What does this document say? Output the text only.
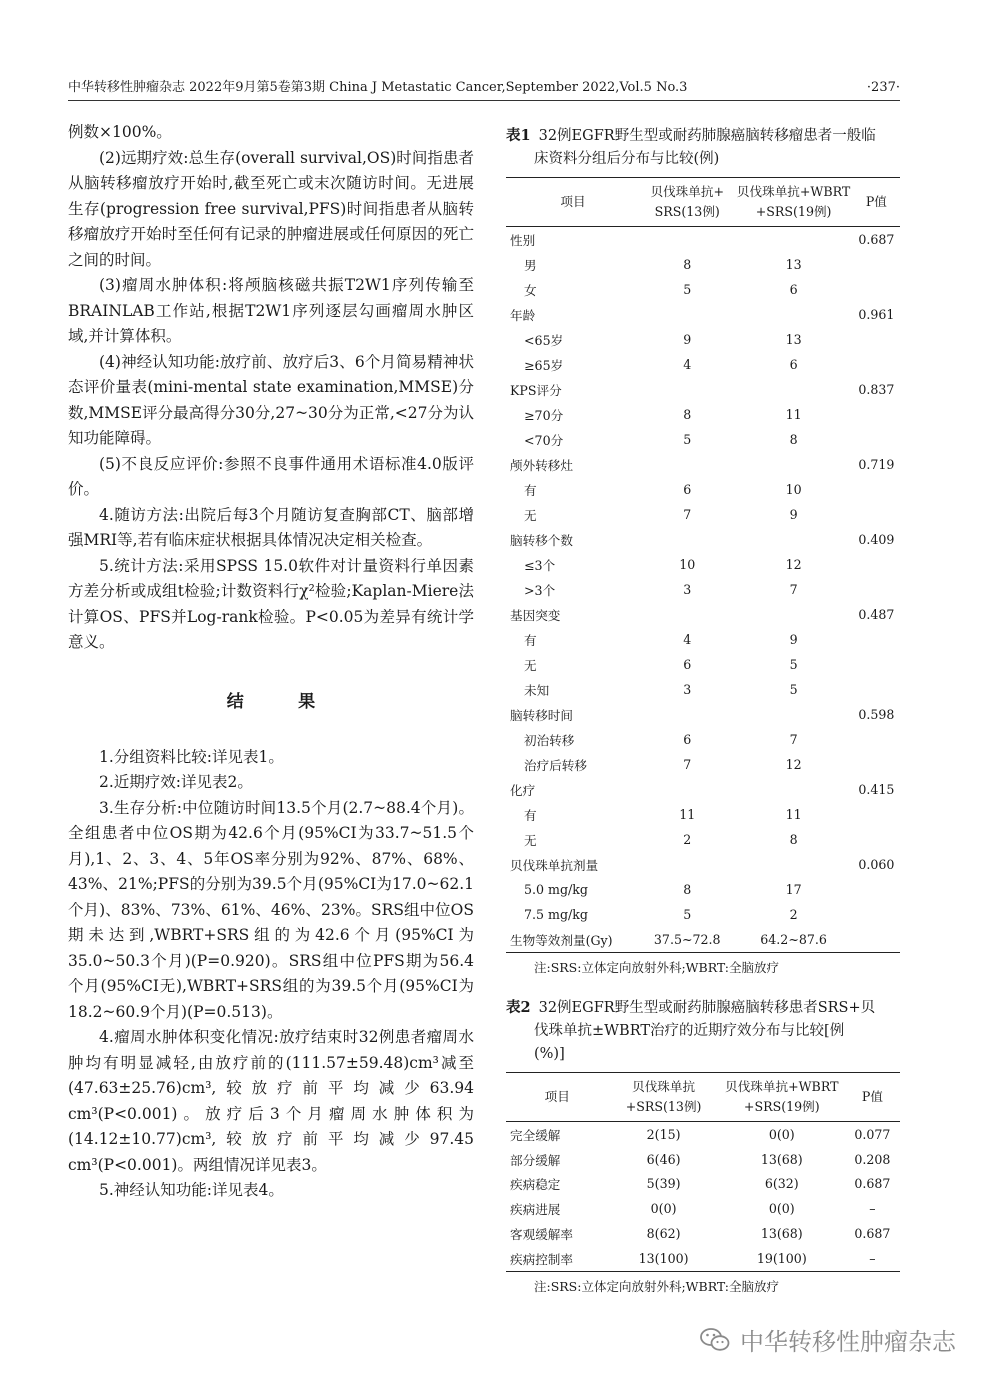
中华转移性肿瘤杂志 2022年9月第5卷第3期 China J Metastatic Cancer,September 2022,Vol.5 No.3	·237·

例数×100%。

(2)远期疗效:总生存(overall survival,OS)时间指患者从脑转移瘤放疗开始时,截至死亡或末次随访时间。无进展生存(progression free survival,PFS)时间指患者从脑转移瘤放疗开始时至任何有记录的肿瘤进展或任何原因的死亡之间的时间。

(3)瘤周水肿体积:将颅脑核磁共振T2W1序列传输至BRAINLAB工作站,根据T2W1序列逐层勾画瘤周水肿区域,并计算体积。

(4)神经认知功能:放疗前、放疗后3、6个月简易精神状态评价量表(mini-mental state examination,MMSE)分数,MMSE评分最高得分30分,27~30分为正常,<27分为认知功能障碍。

(5)不良反应评价:参照不良事件通用术语标准4.0版评价。

4.随访方法:出院后每3个月随访复查胸部CT、脑部增强MRI等,若有临床症状根据具体情况决定相关检查。

5.统计方法:采用SPSS 15.0软件对计量资料行单因素方差分析或成组t检验;计数资料行χ²检验;Kaplan-Miere法计算OS、PFS并Log-rank检验。P<0.05为差异有统计学意义。

结果

1.分组资料比较:详见表1。

2.近期疗效:详见表2。

3.生存分析:中位随访时间13.5个月(2.7~88.4个月)。全组患者中位OS期为42.6个月(95%CI为33.7~51.5个月),1、2、3、4、5年OS率分别为92%、87%、68%、43%、21%;PFS的分别为39.5个月(95%CI为17.0~62.1个月)、83%、73%、61%、46%、23%。SRS组中位OS期未达到,WBRT+SRS组的为42.6个月(95%CI为35.0~50.3个月)(P=0.920)。SRS组中位PFS期为56.4个月(95%CI无),WBRT+SRS组的为39.5个月(95%CI为18.2~60.9个月)(P=0.513)。

4.瘤周水肿体积变化情况:放疗结束时32例患者瘤周水肿均有明显减轻,由放疗前的(111.57±59.48)cm³减至(47.63±25.76)cm³,较放疗前平均减少63.94 cm³(P<0.001)。放疗后3个月瘤周水肿体积为(14.12±10.77)cm³,较放疗前平均减少97.45 cm³(P<0.001)。两组情况详见表3。

5.神经认知功能:详见表4。

表1 32例EGFR野生型或耐药肺腺癌脑转移瘤患者一般临
床资料分组后分布与比较(例)

项目	贝伐珠单抗+
SRS(13例)	贝伐珠单抗+WBRT
+SRS(19例)	P值
性别			0.687
男	8	13	
女	5	6	
年龄			0.961
<65岁	9	13	
≥65岁	4	6	
KPS评分			0.837
≥70分	8	11	
<70分	5	8	
颅外转移灶			0.719
有	6	10	
无	7	9	
脑转移个数			0.409
≤3个	10	12	
>3个	3	7	
基因突变			0.487
有	4	9	
无	6	5	
未知	3	5	
脑转移时间			0.598
初治转移	6	7	
治疗后转移	7	12	
化疗			0.415
有	11	11	
无	2	8	
贝伐珠单抗剂量			0.060
5.0 mg/kg	8	17	
7.5 mg/kg	5	2	
生物等效剂量(Gy)	37.5~72.8	64.2~87.6	
注:SRS:立体定向放射外科;WBRT:全脑放疗

表2 32例EGFR野生型或耐药肺腺癌脑转移患者SRS+贝
伐珠单抗±WBRT治疗的近期疗效分布与比较[例
(%)]

项目	贝伐珠单抗
+SRS(13例)	贝伐珠单抗+WBRT
+SRS(19例)	P值
完全缓解	2(15)	0(0)	0.077
部分缓解	6(46)	13(68)	0.208
疾病稳定	5(39)	6(32)	0.687
疾病进展	0(0)	0(0)	–
客观缓解率	8(62)	13(68)	0.687
疾病控制率	13(100)	19(100)	–
注:SRS:立体定向放射外科;WBRT:全脑放疗
中华转移性肿瘤杂志
